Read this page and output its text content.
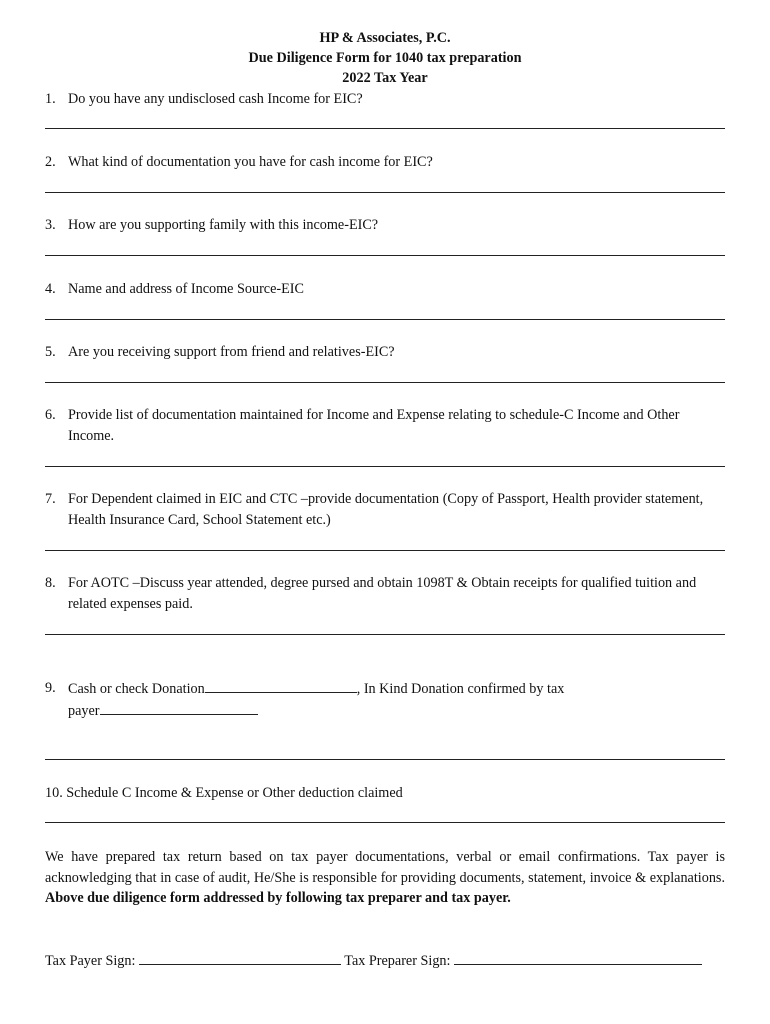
HP & Associates, P.C.
Due Diligence Form for 1040 tax preparation
2022 Tax Year
1. Do you have any undisclosed cash Income for EIC?
2. What kind of documentation you have for cash income for EIC?
3. How are you supporting family with this income-EIC?
4. Name and address of Income Source-EIC
5. Are you receiving support from friend and relatives-EIC?
6. Provide list of documentation maintained for Income and Expense relating to schedule-C Income and Other Income.
7. For Dependent claimed in EIC and CTC –provide documentation (Copy of Passport, Health provider statement, Health Insurance Card, School Statement etc.)
8. For AOTC –Discuss year attended, degree pursed and obtain 1098T & Obtain receipts for qualified tuition and related expenses paid.
9. Cash or check Donation	, In Kind Donation confirmed by tax
payer
10. Schedule C Income & Expense or Other deduction claimed
We have prepared tax return based on tax payer documentations, verbal or email confirmations. Tax payer is acknowledging that in case of audit, He/She is responsible for providing documents, statement, invoice & explanations. Above due diligence form addressed by following tax preparer and tax payer.
Tax Payer Sign:	Tax Preparer Sign:
